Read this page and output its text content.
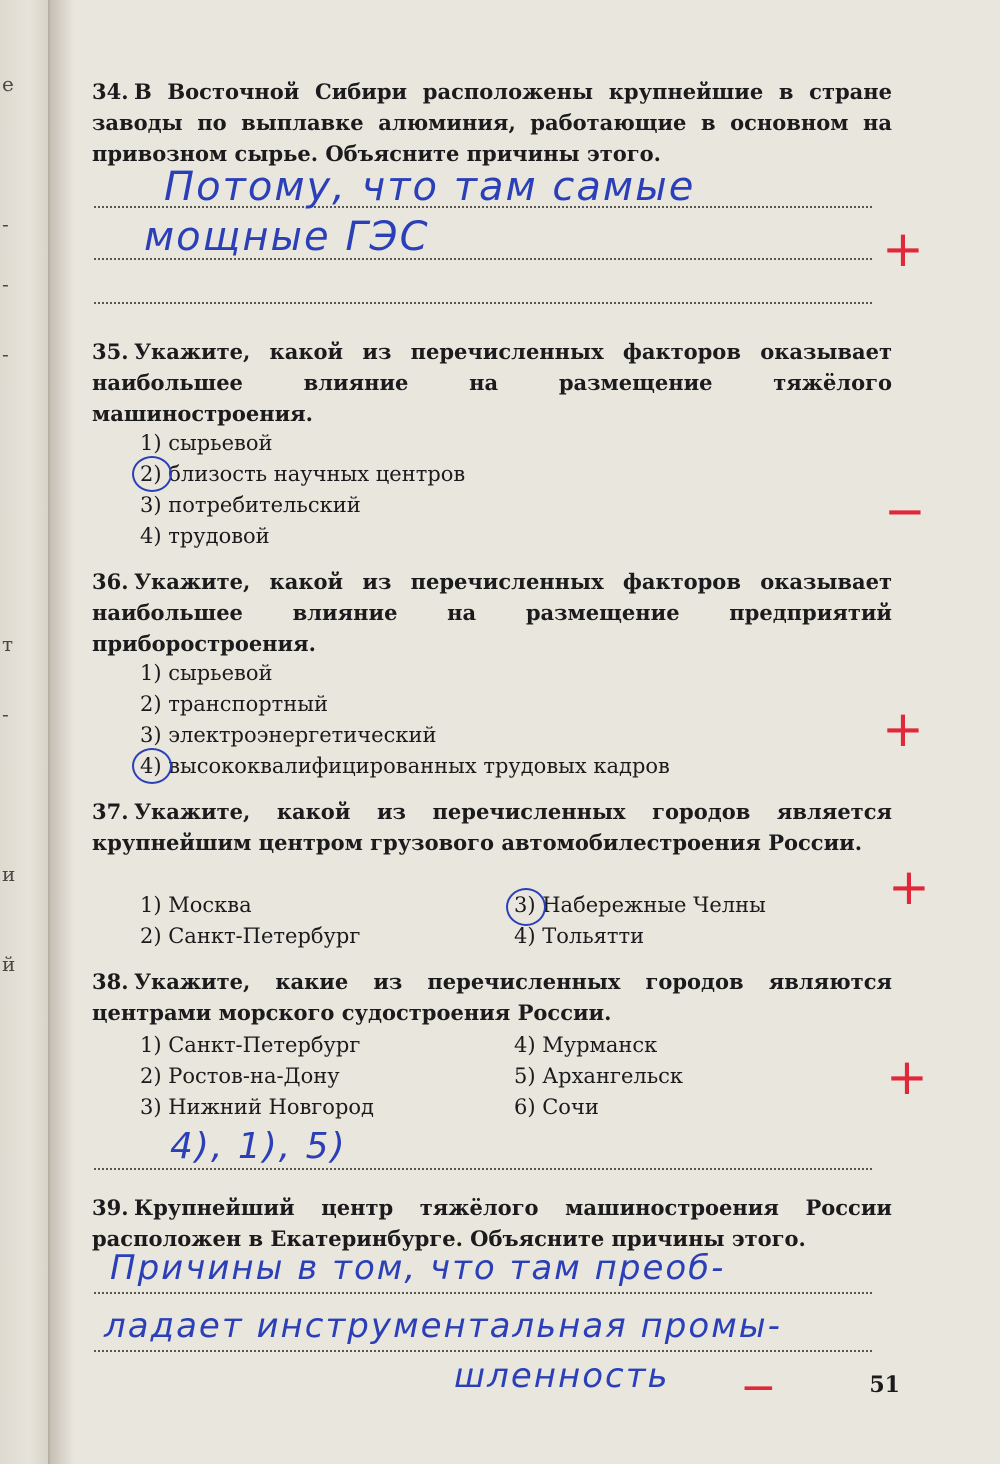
е
-
-
-
т
-
и
й
34. В Восточной Сибири расположены крупнейшие в стране заводы по выплавке алюминия, работающие в основном на привозном сырье. Объясните причины этого.
Потому, что там самые
мощные ГЭС	+
35. Укажите, какой из перечисленных факторов оказывает наибольшее влияние на размещение тяжёлого машиностроения.
1) сырьевой
2) близость научных центров
3) потребительский
4) трудовой	−
36. Укажите, какой из перечисленных факторов оказывает наибольшее влияние на размещение предприятий приборостроения.
1) сырьевой
2) транспортный
3) электроэнергетический
4) высококвалифицированных трудовых кадров
+
37. Укажите, какой из перечисленных городов является крупнейшим центром грузового автомобилестроения России.
1) Москва
2) Санкт-Петербург
3) Набережные Челны
4) Тольятти
+
38. Укажите, какие из перечисленных городов являются центрами морского судостроения России.
1) Санкт-Петербург
2) Ростов-на-Дону
3) Нижний Новгород
4) Мурманск
5) Архангельск
6) Сочи
4), 1), 5)
+
39. Крупнейший центр тяжёлого машиностроения России расположен в Екатеринбурге. Объясните причины этого.
Причины в том, что там преоб-
ладает инструментальная промы-
шленность −	51
